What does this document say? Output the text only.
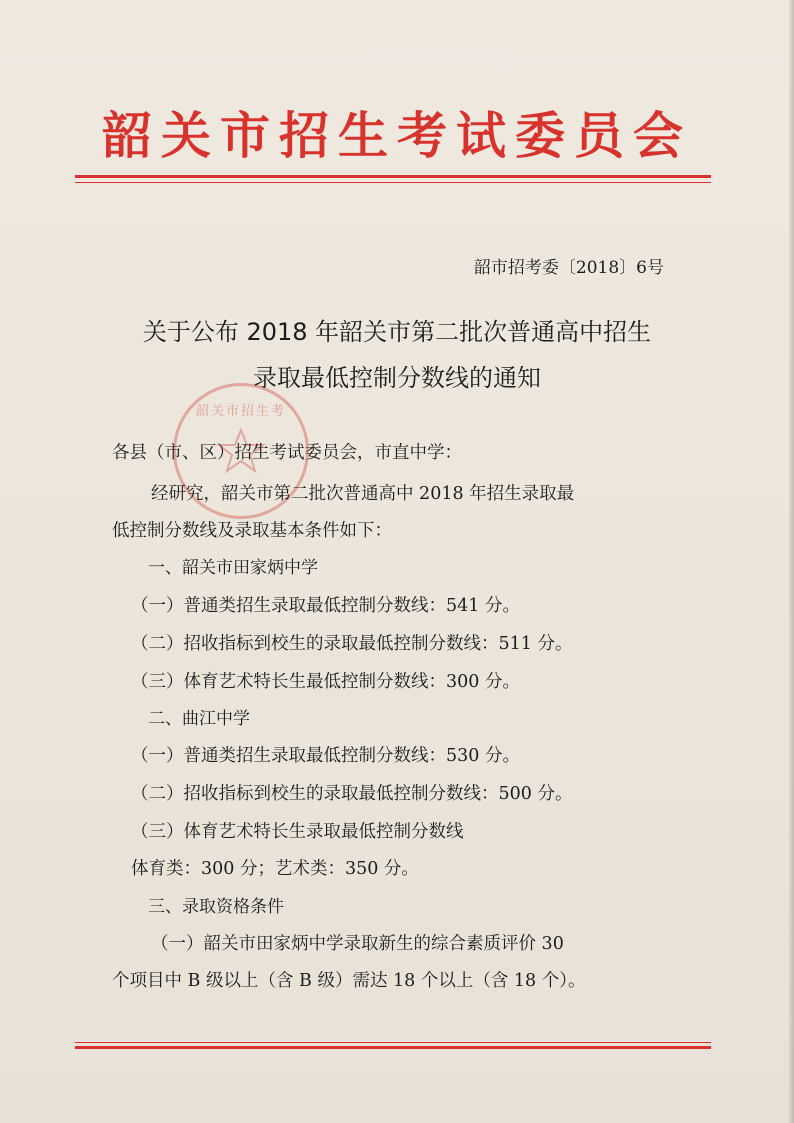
韶关市招生考试委员会
韶市招考委〔2018〕6号
关于公布 2018 年韶关市第二批次普通高中招生
录取最低控制分数线的通知
韶关市招生考
各县（市、区）招生考试委员会，市直中学：
经研究，韶关市第二批次普通高中 2018 年招生录取最
低控制分数线及录取基本条件如下：
一、韶关市田家炳中学
（一）普通类招生录取最低控制分数线：541 分。
（二）招收指标到校生的录取最低控制分数线：511 分。
（三）体育艺术特长生最低控制分数线：300 分。
二、曲江中学
（一）普通类招生录取最低控制分数线：530 分。
（二）招收指标到校生的录取最低控制分数线：500 分。
（三）体育艺术特长生录取最低控制分数线
体育类：300 分；艺术类：350 分。
三、录取资格条件
（一）韶关市田家炳中学录取新生的综合素质评价 30
个项目中 B 级以上（含 B 级）需达 18 个以上（含 18 个）。
